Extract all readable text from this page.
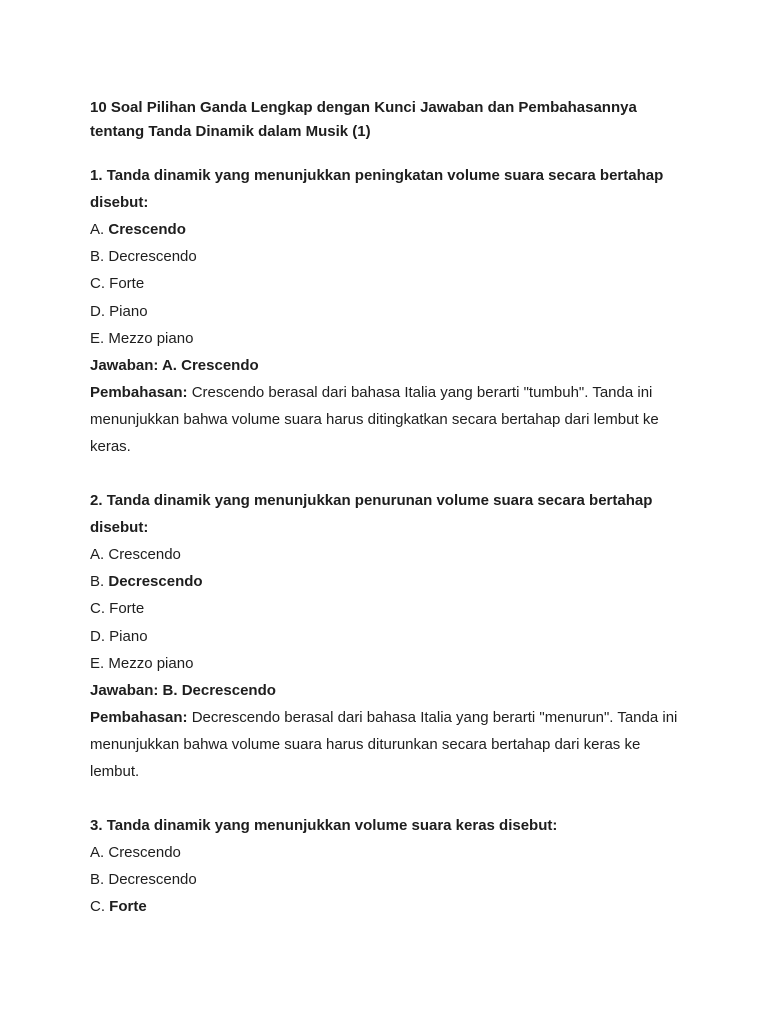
10 Soal Pilihan Ganda Lengkap dengan Kunci Jawaban dan Pembahasannya tentang Tanda Dinamik dalam Musik (1)

1. Tanda dinamik yang menunjukkan peningkatan volume suara secara bertahap disebut:

A. Crescendo

B. Decrescendo

C. Forte

D. Piano

E. Mezzo piano

Jawaban: A. Crescendo

Pembahasan: Crescendo berasal dari bahasa Italia yang berarti "tumbuh". Tanda ini menunjukkan bahwa volume suara harus ditingkatkan secara bertahap dari lembut ke keras.

2. Tanda dinamik yang menunjukkan penurunan volume suara secara bertahap disebut:

A. Crescendo

B. Decrescendo

C. Forte

D. Piano

E. Mezzo piano

Jawaban: B. Decrescendo

Pembahasan: Decrescendo berasal dari bahasa Italia yang berarti "menurun". Tanda ini menunjukkan bahwa volume suara harus diturunkan secara bertahap dari keras ke lembut.

3. Tanda dinamik yang menunjukkan volume suara keras disebut:

A. Crescendo

B. Decrescendo

C. Forte
